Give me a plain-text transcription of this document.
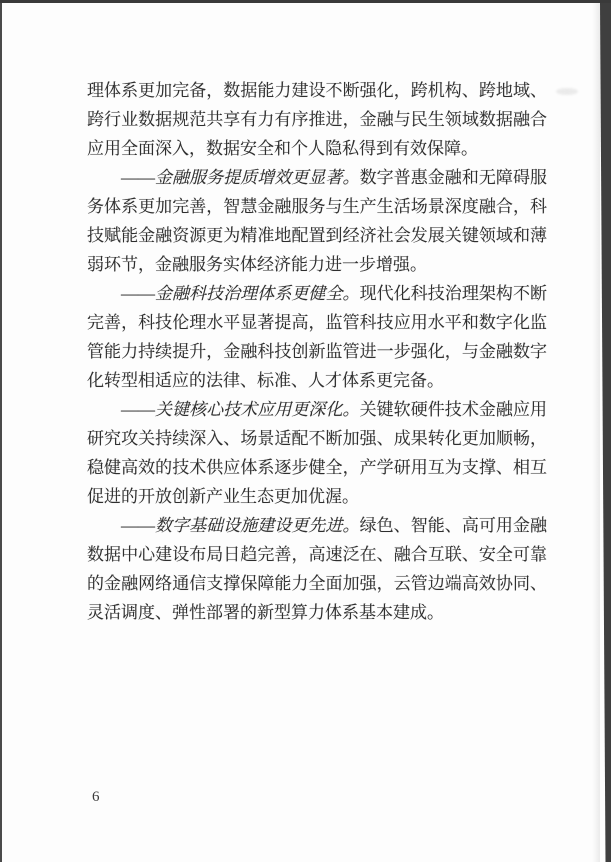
理体系更加完备，数据能力建设不断强化，跨机构、跨地域、跨行业数据规范共享有力有序推进，金融与民生领域数据融合应用全面深入，数据安全和个人隐私得到有效保障。

——金融服务提质增效更显著。数字普惠金融和无障碍服务体系更加完善，智慧金融服务与生产生活场景深度融合，科技赋能金融资源更为精准地配置到经济社会发展关键领域和薄弱环节，金融服务实体经济能力进一步增强。

——金融科技治理体系更健全。现代化科技治理架构不断完善，科技伦理水平显著提高，监管科技应用水平和数字化监管能力持续提升，金融科技创新监管进一步强化，与金融数字化转型相适应的法律、标准、人才体系更完备。

——关键核心技术应用更深化。关键软硬件技术金融应用研究攻关持续深入、场景适配不断加强、成果转化更加顺畅，稳健高效的技术供应体系逐步健全，产学研用互为支撑、相互促进的开放创新产业生态更加优渥。

——数字基础设施建设更先进。绿色、智能、高可用金融数据中心建设布局日趋完善，高速泛在、融合互联、安全可靠的金融网络通信支撑保障能力全面加强，云管边端高效协同、灵活调度、弹性部署的新型算力体系基本建成。

6
